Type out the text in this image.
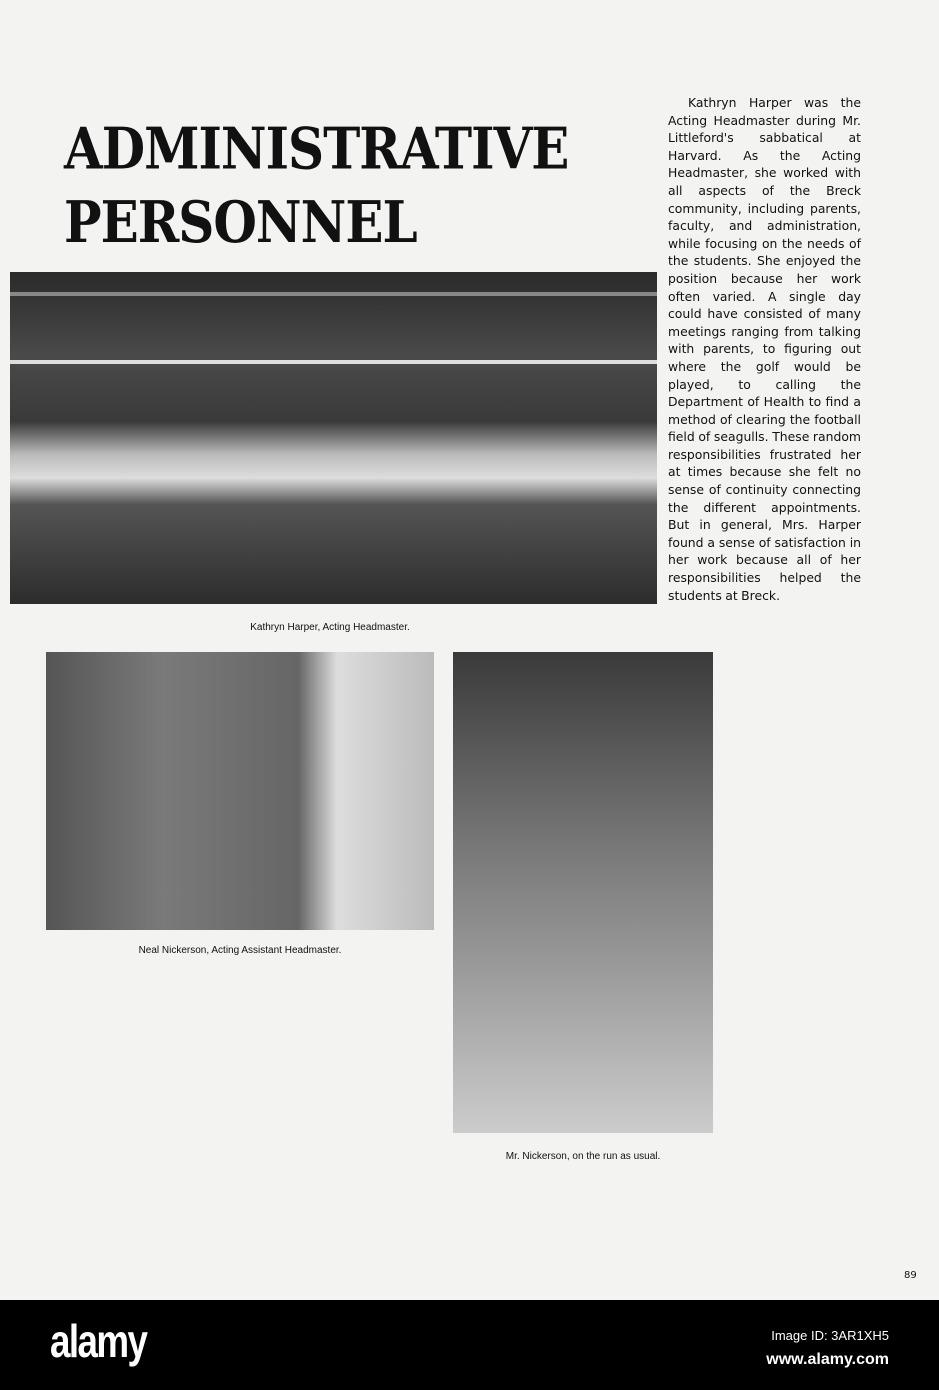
ADMINISTRATIVE
PERSONNEL
Kathryn Harper, Acting Headmaster.
Neal Nickerson, Acting Assistant Headmaster.
Mr. Nickerson, on the run as usual.

Kathryn Harper was the Acting Headmaster during Mr. Littleford's sabbatical at Harvard. As the Acting Headmaster, she worked with all aspects of the Breck community, including parents, faculty, and administration, while focusing on the needs of the students. She enjoyed the position because her work often varied. A single day could have consisted of many meetings ranging from talking with parents, to figuring out where the golf would be played, to calling the Department of Health to find a method of clearing the football field of seagulls. These random responsibilities frustrated her at times because she felt no sense of continuity connecting the different appointments. But in general, Mrs. Harper found a sense of satisfaction in her work because all of her responsibilities helped the students at Breck.

89
alamy	Image ID: 3AR1XH5
www.alamy.com
